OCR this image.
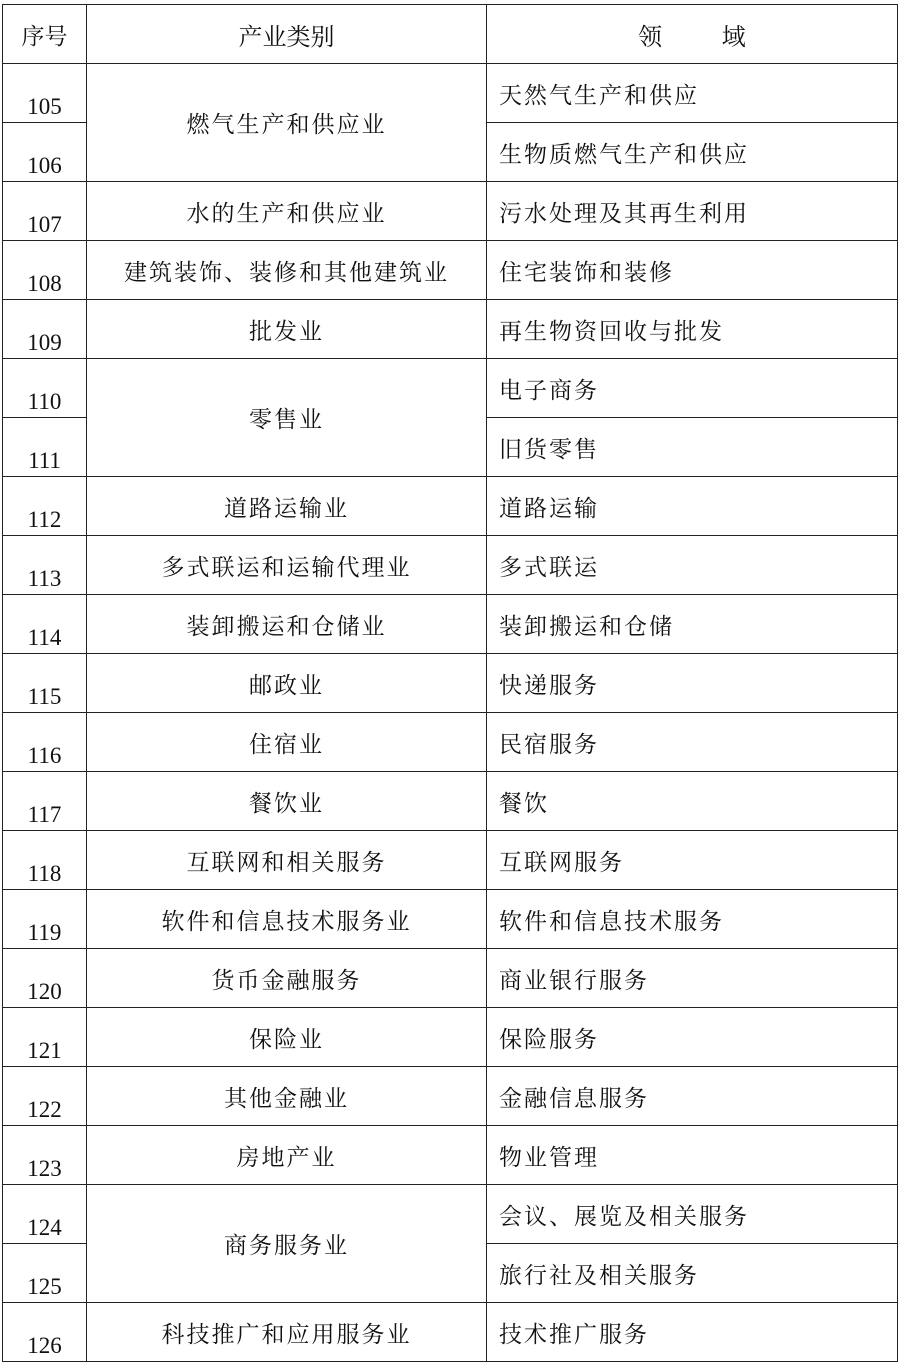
序号	产业类别	领 域
105	燃气生产和供应业	天然气生产和供应
106		生物质燃气生产和供应
107	水的生产和供应业	污水处理及其再生利用
108	建筑装饰、装修和其他建筑业	住宅装饰和装修
109	批发业	再生物资回收与批发
110	零售业	电子商务
111		旧货零售
112	道路运输业	道路运输
113	多式联运和运输代理业	多式联运
114	装卸搬运和仓储业	装卸搬运和仓储
115	邮政业	快递服务
116	住宿业	民宿服务
117	餐饮业	餐饮
118	互联网和相关服务	互联网服务
119	软件和信息技术服务业	软件和信息技术服务
120	货币金融服务	商业银行服务
121	保险业	保险服务
122	其他金融业	金融信息服务
123	房地产业	物业管理
124	商务服务业	会议、展览及相关服务
125		旅行社及相关服务
126	科技推广和应用服务业	技术推广服务
